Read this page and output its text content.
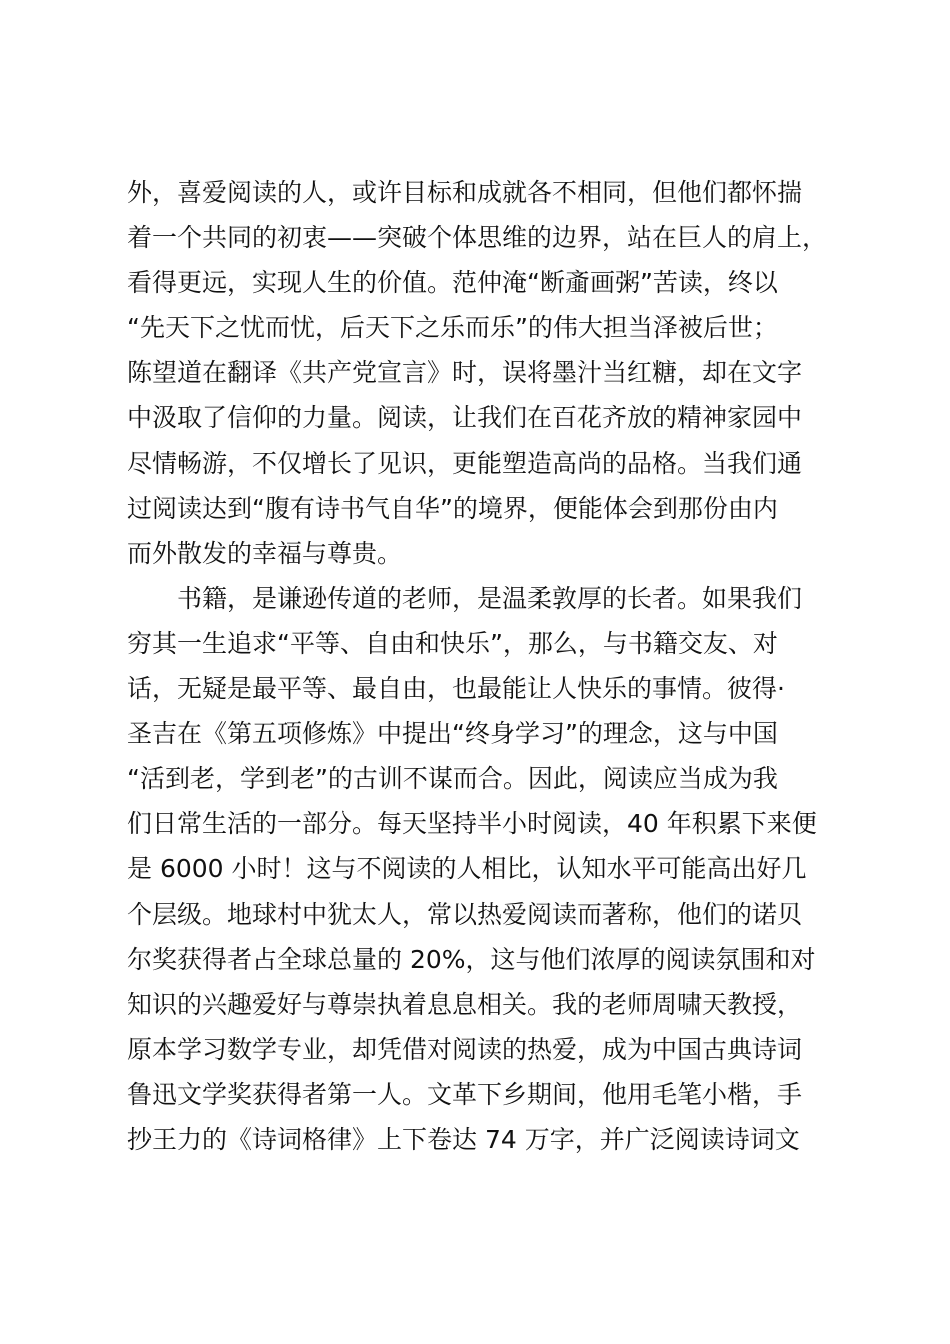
外，喜爱阅读的人，或许目标和成就各不相同，但他们都怀揣
着一个共同的初衷——突破个体思维的边界，站在巨人的肩上，
看得更远，实现人生的价值。范仲淹“断齑画粥”苦读，终以
“先天下之忧而忧，后天下之乐而乐”的伟大担当泽被后世；
陈望道在翻译《共产党宣言》时，误将墨汁当红糖，却在文字
中汲取了信仰的力量。阅读，让我们在百花齐放的精神家园中
尽情畅游，不仅增长了见识，更能塑造高尚的品格。当我们通
过阅读达到“腹有诗书气自华”的境界，便能体会到那份由内
而外散发的幸福与尊贵。
书籍，是谦逊传道的老师，是温柔敦厚的长者。如果我们
穷其一生追求“平等、自由和快乐”，那么，与书籍交友、对
话，无疑是最平等、最自由，也最能让人快乐的事情。彼得·
圣吉在《第五项修炼》中提出“终身学习”的理念，这与中国
“活到老，学到老”的古训不谋而合。因此，阅读应当成为我
们日常生活的一部分。每天坚持半小时阅读，40 年积累下来便
是 6000 小时！这与不阅读的人相比，认知水平可能高出好几
个层级。地球村中犹太人，常以热爱阅读而著称，他们的诺贝
尔奖获得者占全球总量的 20%，这与他们浓厚的阅读氛围和对
知识的兴趣爱好与尊崇执着息息相关。我的老师周啸天教授，
原本学习数学专业，却凭借对阅读的热爱，成为中国古典诗词
鲁迅文学奖获得者第一人。文革下乡期间，他用毛笔小楷，手
抄王力的《诗词格律》上下卷达 74 万字，并广泛阅读诗词文
